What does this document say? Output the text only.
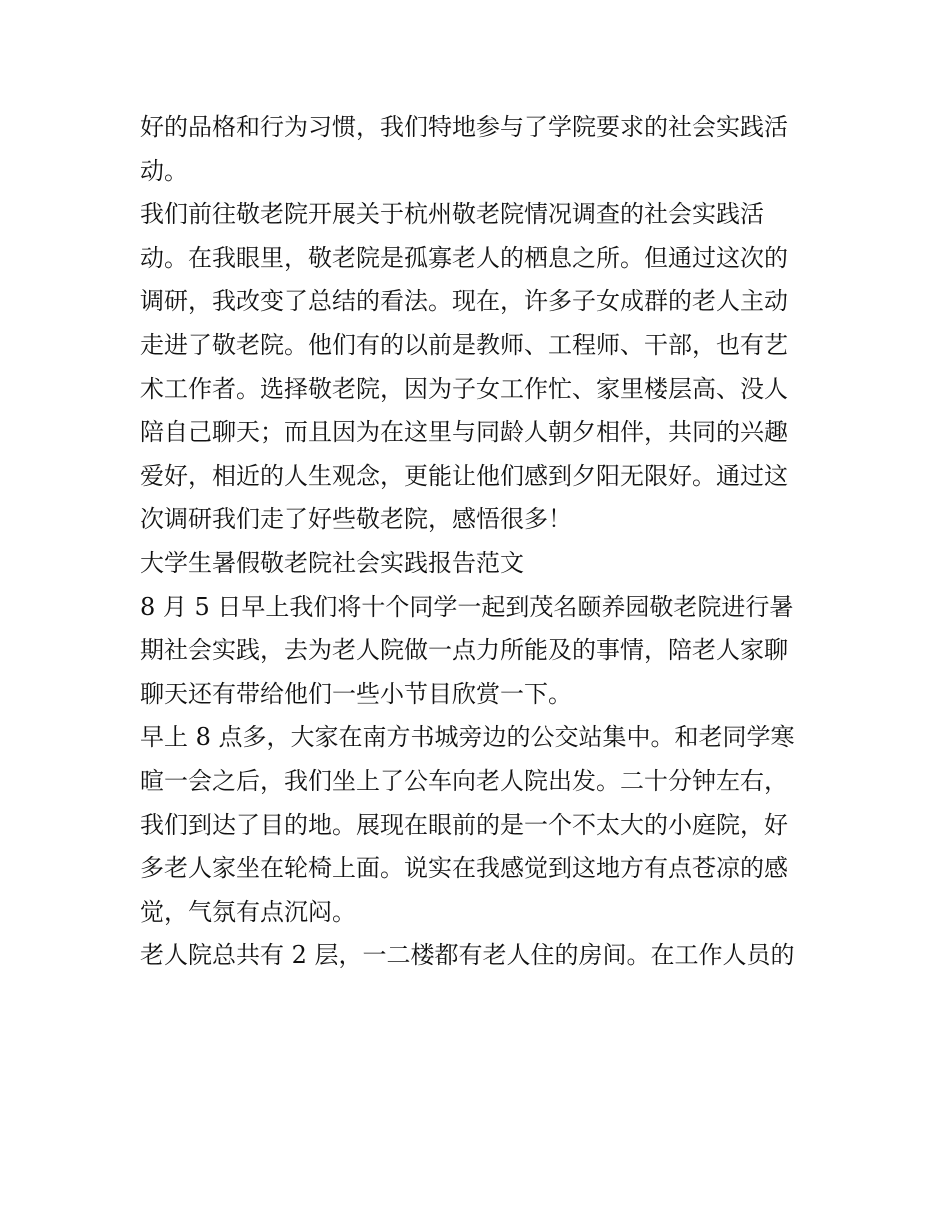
好的品格和行为习惯，我们特地参与了学院要求的社会实践活
动。
我们前往敬老院开展关于杭州敬老院情况调查的社会实践活
动。在我眼里，敬老院是孤寡老人的栖息之所。但通过这次的
调研，我改变了总结的看法。现在，许多子女成群的老人主动
走进了敬老院。他们有的以前是教师、工程师、干部，也有艺
术工作者。选择敬老院，因为子女工作忙、家里楼层高、没人
陪自己聊天；而且因为在这里与同龄人朝夕相伴，共同的兴趣
爱好，相近的人生观念，更能让他们感到夕阳无限好。通过这
次调研我们走了好些敬老院，感悟很多！
大学生暑假敬老院社会实践报告范文
8 月 5 日早上我们将十个同学一起到茂名颐养园敬老院进行暑
期社会实践，去为老人院做一点力所能及的事情，陪老人家聊
聊天还有带给他们一些小节目欣赏一下。
早上 8 点多，大家在南方书城旁边的公交站集中。和老同学寒
暄一会之后，我们坐上了公车向老人院出发。二十分钟左右，
我们到达了目的地。展现在眼前的是一个不太大的小庭院，好
多老人家坐在轮椅上面。说实在我感觉到这地方有点苍凉的感
觉，气氛有点沉闷。
老人院总共有 2 层，一二楼都有老人住的房间。在工作人员的
